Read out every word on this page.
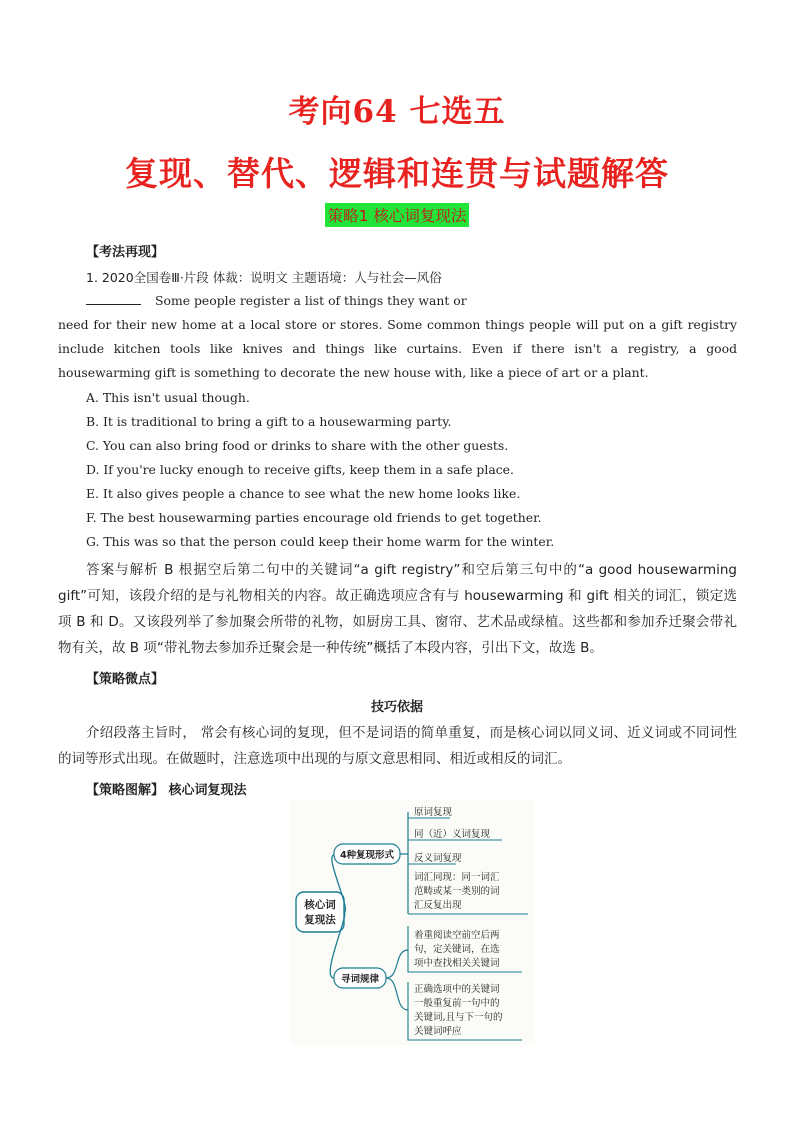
考向64 七选五
复现、替代、逻辑和连贯与试题解答
策略1 核心词复现法
【考法再现】
1. 2020全国卷Ⅲ·片段 体裁：说明文 主题语境：人与社会—风俗
Some people register a list of things they want or
need for their new home at a local store or stores. Some common things people will put on a gift registry include kitchen tools like knives and things like curtains. Even if there isn't a registry, a good housewarming gift is something to decorate the new house with, like a piece of art or a plant.
A. This isn't usual though.
B. It is traditional to bring a gift to a housewarming party.
C. You can also bring food or drinks to share with the other guests.
D. If you're lucky enough to receive gifts, keep them in a safe place.
E. It also gives people a chance to see what the new home looks like.
F. The best housewarming parties encourage old friends to get together.
G. This was so that the person could keep their home warm for the winter.
答案与解析 B 根据空后第二句中的关键词“a gift registry”和空后第三句中的“a good housewarming gift”可知，该段介绍的是与礼物相关的内容。故正确选项应含有与 housewarming 和 gift 相关的词汇，锁定选项 B 和 D。又该段列举了参加聚会所带的礼物，如厨房工具、窗帘、艺术品或绿植。这些都和参加乔迁聚会带礼物有关，故 B 项“带礼物去参加乔迁聚会是一种传统”概括了本段内容，引出下文，故选 B。
【策略微点】
技巧依据
介绍段落主旨时， 常会有核心词的复现，但不是词语的简单重复，而是核心词以同义词、近义词或不同词性的词等形式出现。在做题时，注意选项中出现的与原文意思相同、相近或相反的词汇。
【策略图解】 核心词复现法
核心词
复现法
4种复现形式
原词复现
同（近）义词复现
反义词复现
词汇同现：同一词汇
范畴或某一类别的词
汇反复出现
寻词规律
着重阅读空前空后两
句，定关键词，在选
项中查找相关关键词
正确选项中的关键词
一般重复前一句中的
关键词,且与下一句的
关键词呼应
